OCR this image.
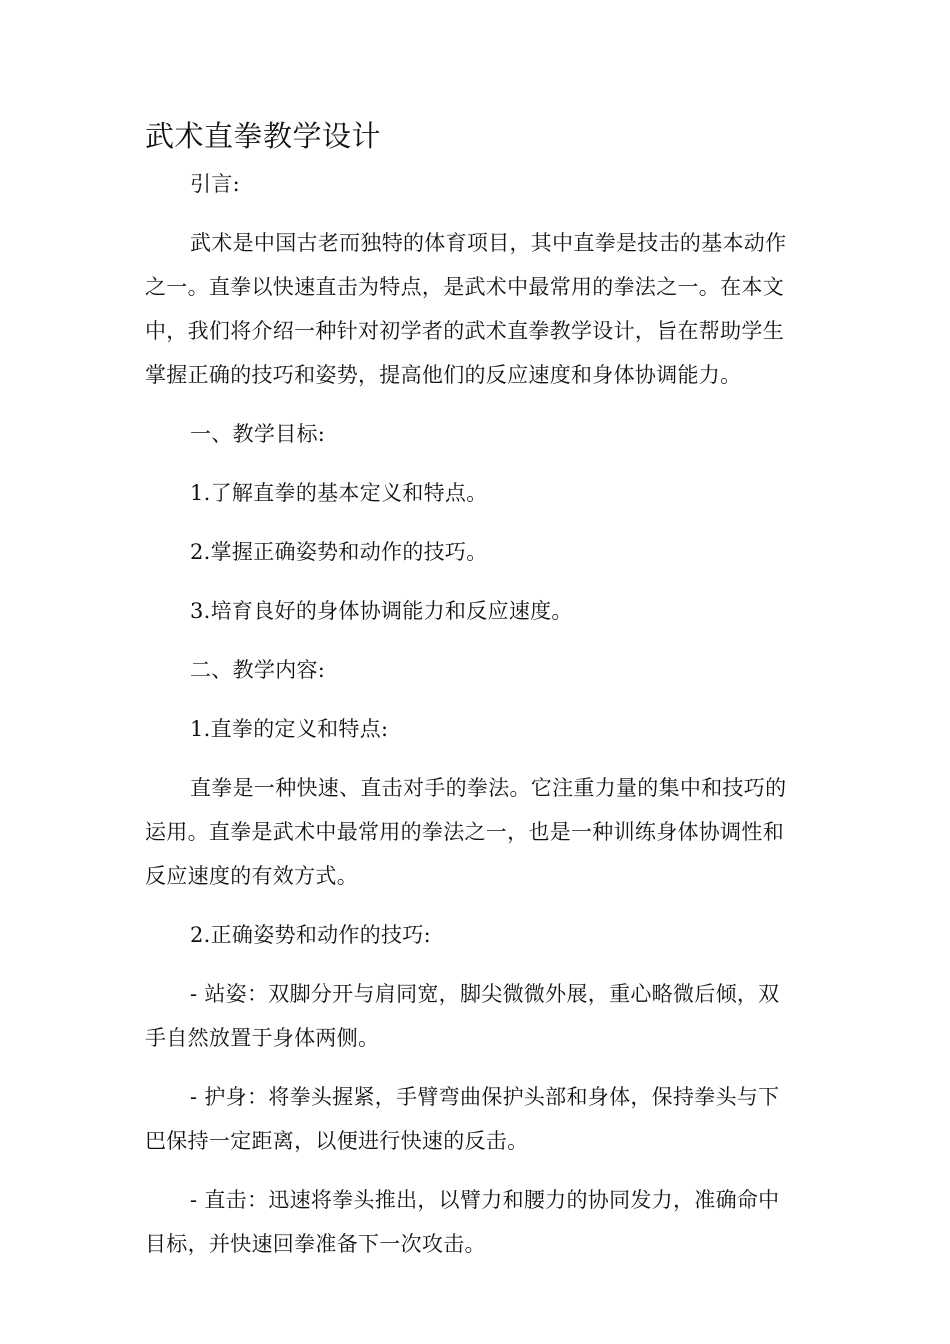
武术直拳教学设计

引言:

武术是中国古老而独特的体育项目，其中直拳是技击的基本动作之一。直拳以快速直击为特点，是武术中最常用的拳法之一。在本文中，我们将介绍一种针对初学者的武术直拳教学设计，旨在帮助学生掌握正确的技巧和姿势，提高他们的反应速度和身体协调能力。

一、教学目标:

1.了解直拳的基本定义和特点。

2.掌握正确姿势和动作的技巧。

3.培育良好的身体协调能力和反应速度。

二、教学内容:

1.直拳的定义和特点:

直拳是一种快速、直击对手的拳法。它注重力量的集中和技巧的运用。直拳是武术中最常用的拳法之一，也是一种训练身体协调性和反应速度的有效方式。

2.正确姿势和动作的技巧:

- 站姿：双脚分开与肩同宽，脚尖微微外展，重心略微后倾，双手自然放置于身体两侧。

- 护身：将拳头握紧，手臂弯曲保护头部和身体，保持拳头与下巴保持一定距离，以便进行快速的反击。

- 直击：迅速将拳头推出，以臂力和腰力的协同发力，准确命中目标，并快速回拳准备下一次攻击。
